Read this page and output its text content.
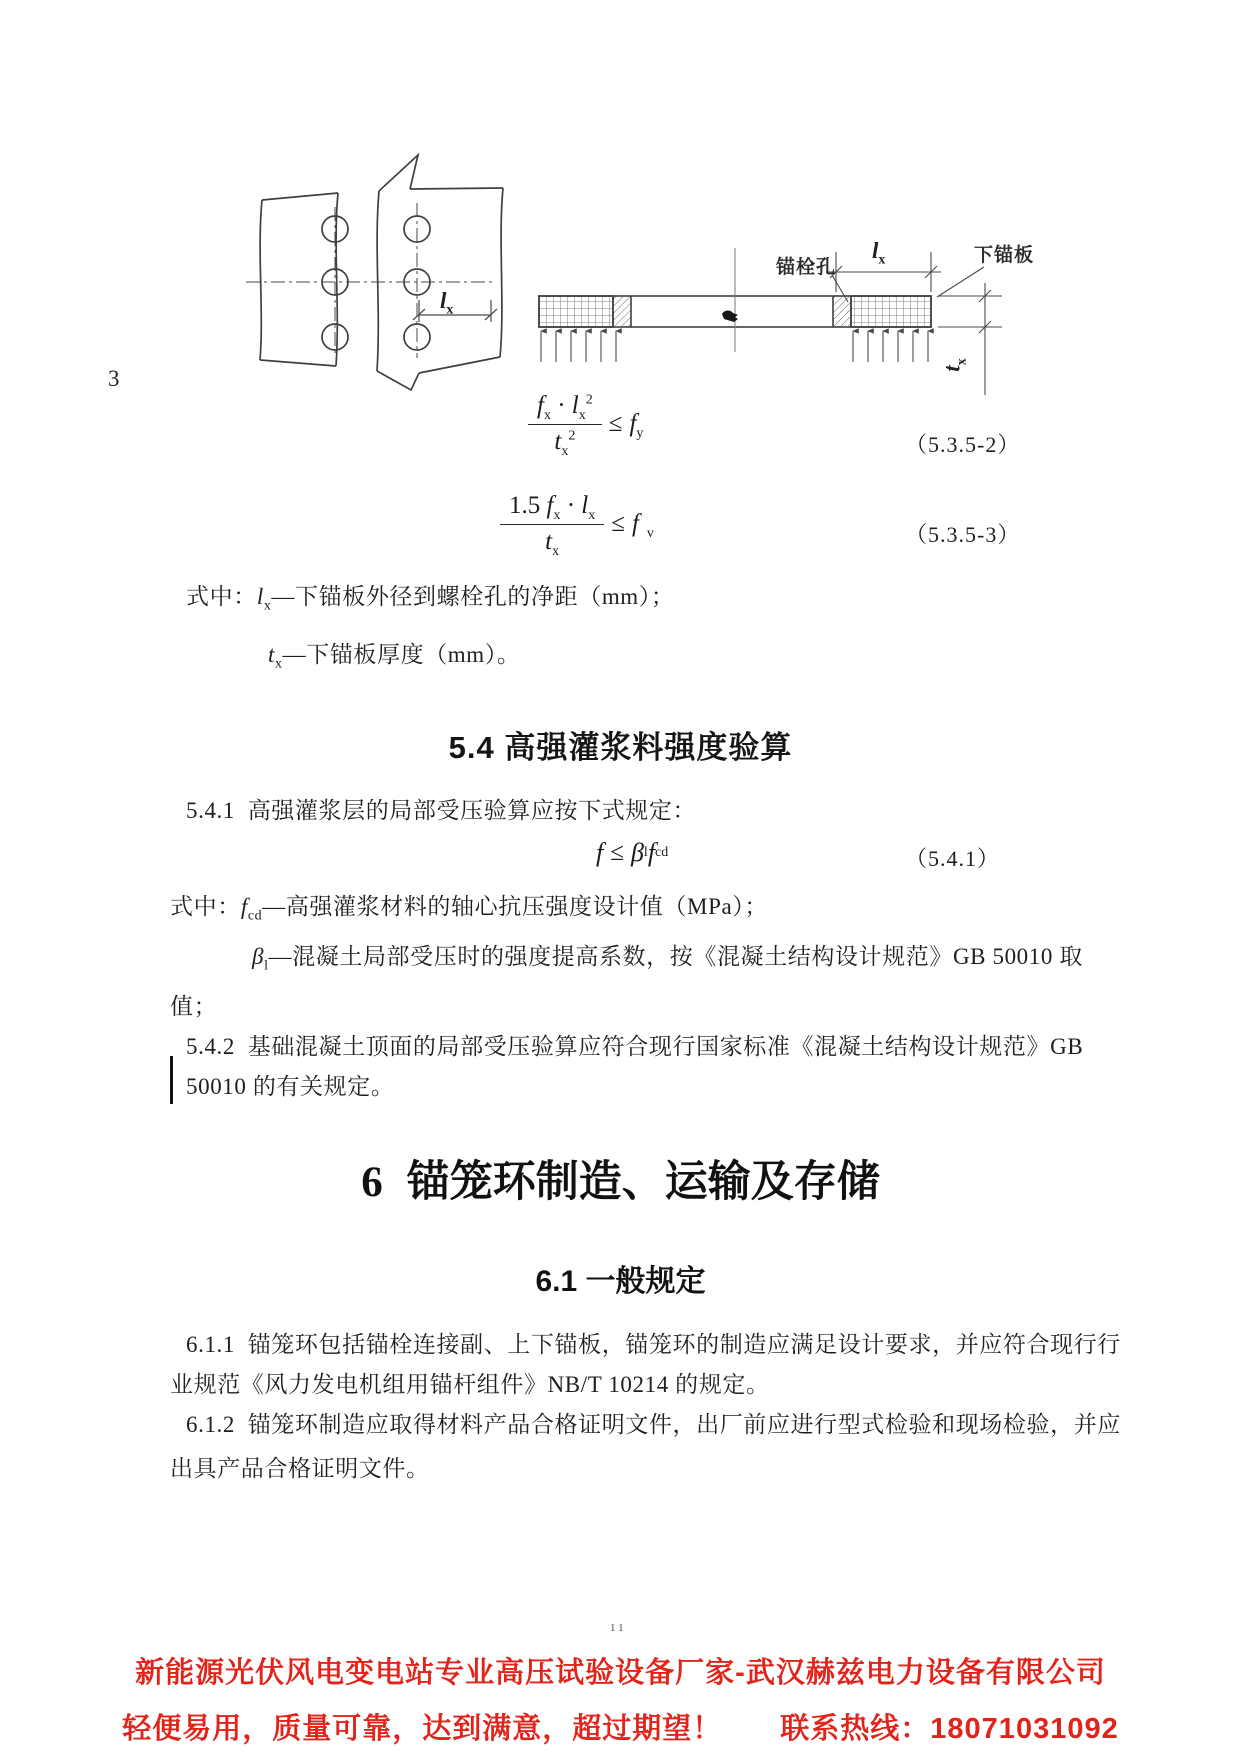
$l_x$
锚栓孔
$l_x$	下锚板
$t_x$
3
$\frac{f_x \cdot l_x^2}{t_x^2} \le f_y$	（5.3.5-2）
$\frac{1.5 f_x \cdot l_x}{t_x} \le f$ $_v$	（5.3.5-3）
式中：$l_x—$下锚板外径到螺栓孔的净距（mm）；
$t_x—$下锚板厚度（mm）。
5.4 高强灌浆料强度验算
5.4.1 高强灌浆层的局部受压验算应按下式规定：
f ≤ β l f cd	（5.4.1）
式中：$f_{cd}—$高强灌浆材料的轴心抗压强度设计值（MPa）；
$\beta_l—$混凝土局部受压时的强度提高系数，按《混凝土结构设计规范》GB 50010 取
值；
5.4.2 基础混凝土顶面的局部受压验算应符合现行国家标准《混凝土结构设计规范》GB
50010 的有关规定。
6 锚笼环制造、运输及存储
6.1 一般规定
6.1.1 锚笼环包括锚栓连接副、上下锚板，锚笼环的制造应满足设计要求，并应符合现行行
业规范《风力发电机组用锚杆组件》NB/T 10214 的规定。
6.1.2 锚笼环制造应取得材料产品合格证明文件，出厂前应进行型式检验和现场检验，并应
出具产品合格证明文件。
11
新能源光伏风电变电站专业高压试验设备厂家-武汉赫兹电力设备有限公司
轻便易用，质量可靠，达到满意，超过期望！ 联系热线：18071031092
